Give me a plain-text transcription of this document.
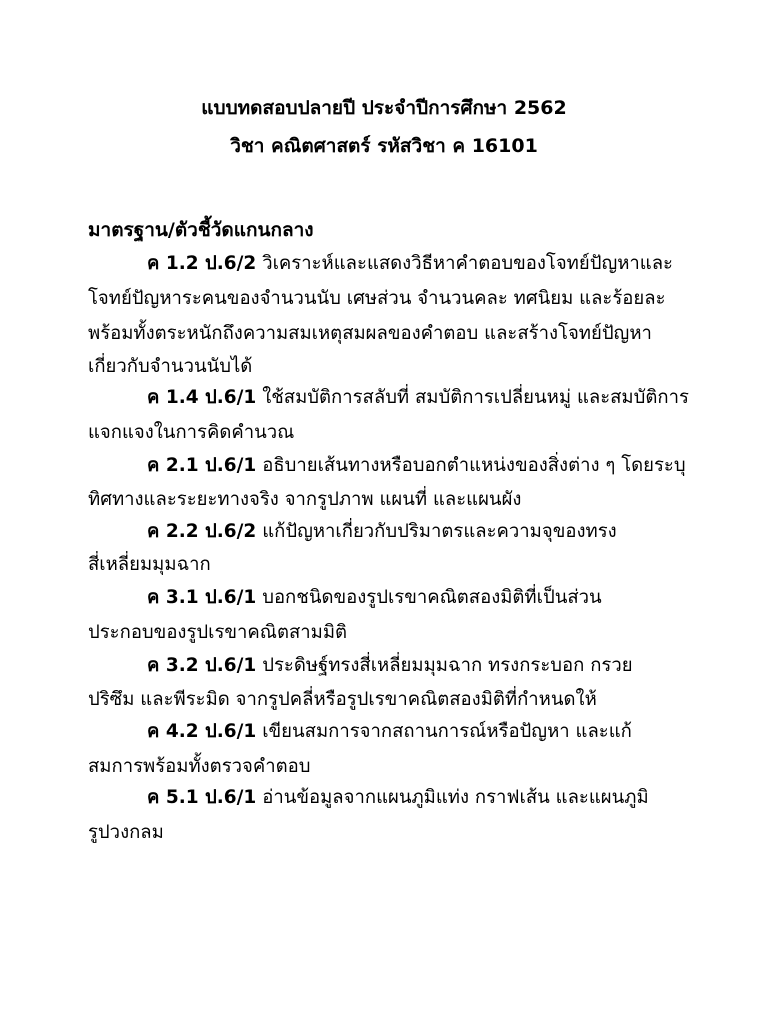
แบบทดสอบปลายปี ประจำปีการศึกษา 2562
วิชา คณิตศาสตร์ รหัสวิชา ค 16101
มาตรฐาน/ตัวชี้วัดแกนกลาง
ค 1.2 ป.6/2 วิเคราะห์และแสดงวิธีหาคำตอบของโจทย์ปัญหาและ
โจทย์ปัญหาระคนของจำนวนนับ เศษส่วน จำนวนคละ ทศนิยม และร้อยละ
พร้อมทั้งตระหนักถึงความสมเหตุสมผลของคำตอบ และสร้างโจทย์ปัญหา
เกี่ยวกับจำนวนนับได้
ค 1.4 ป.6/1 ใช้สมบัติการสลับที่ สมบัติการเปลี่ยนหมู่ และสมบัติการ
แจกแจงในการคิดคำนวณ
ค 2.1 ป.6/1 อธิบายเส้นทางหรือบอกตำแหน่งของสิ่งต่าง ๆ โดยระบุ
ทิศทางและระยะทางจริง จากรูปภาพ แผนที่ และแผนผัง
ค 2.2 ป.6/2 แก้ปัญหาเกี่ยวกับปริมาตรและความจุของทรง
สี่เหลี่ยมมุมฉาก
ค 3.1 ป.6/1 บอกชนิดของรูปเรขาคณิตสองมิติที่เป็นส่วน
ประกอบของรูปเรขาคณิตสามมิติ
ค 3.2 ป.6/1 ประดิษฐ์ทรงสี่เหลี่ยมมุมฉาก ทรงกระบอก กรวย
ปริซึม และพีระมิด จากรูปคลี่หรือรูปเรขาคณิตสองมิติที่กำหนดให้
ค 4.2 ป.6/1 เขียนสมการจากสถานการณ์หรือปัญหา และแก้
สมการพร้อมทั้งตรวจคำตอบ
ค 5.1 ป.6/1 อ่านข้อมูลจากแผนภูมิแท่ง กราฟเส้น และแผนภูมิ
รูปวงกลม
